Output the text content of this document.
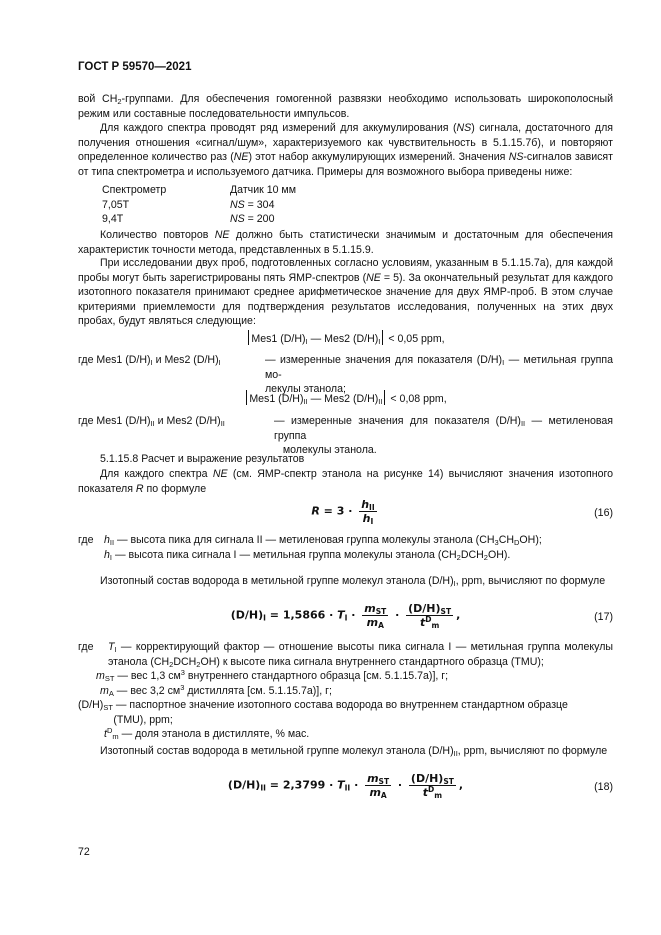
ГОСТ Р 59570—2021

вой $CH_2$-группами. Для обеспечения гомогенной развязки необходимо использовать широкополосный режим или составные последовательности импульсов.

Для каждого спектра проводят ряд измерений для аккумулирования (NS) сигнала, достаточного для получения отношения «сигнал/шум», характеризуемого как чувствительность в 5.1.15.7б), и повторяют определенное количество раз (NE) этот набор аккумулирующих измерений. Значения NS-сигналов зависят от типа спектрометра и используемого датчика. Примеры для возможного выбора приведены ниже:

Спектрометр	Датчик 10 мм
7,05Т	NS = 304
9,4Т	NS = 200

Количество повторов NE должно быть статистически значимым и достаточным для обеспечения характеристик точности метода, представленных в 5.1.15.9.

При исследовании двух проб, подготовленных согласно условиям, указанным в 5.1.15.7а), для каждой пробы могут быть зарегистрированы пять ЯМР-спектров (NE = 5). За окончательный результат для каждого изотопного показателя принимают среднее арифметическое значение для двух ЯМР-проб. В этом случае критериями приемлемости для подтверждения результатов исследования, полученных на этих двух пробах, будут являться следующие:

Mes1 $(D/H)_I$ — Mes2 $(D/H)_I < 0,05$ ppm,
где Mes1 $(D/H)_I$ и Mes2 $(D/H)_I$	— измеренные значения для показателя $(D/H)_I$ — метильная группа мо-
лекулы этанола;
Mes1 $(D/H)_{II}$ — Mes2 $(D/H)_{II} < 0,08$ ppm,
где Mes1 $(D/H)_{II}$ и Mes2 $(D/H)_{II}$	— измеренные значения для показателя $(D/H)_{II}$ — метиленовая группа
молекулы этанола.

5.1.15.8 Расчет и выражение результатов

Для каждого спектра NE (см. ЯМР-спектр этанола на рисунке 14) вычисляют значения изотопного показателя R по формуле

$R = 3 \cdot \frac{h_{II}}{h_I}$	(16)
где $h_{II}$ — высота пика для сигнала II — метиленовая группа молекулы этанола $(CH_3CH_DOH)$;
$h_I$ — высота пика сигнала I — метильная группа молекулы этанола $(CH_2DCH_2OH)$.

Изотопный состав водорода в метильной группе молекул этанола $(D/H)_I$, ppm, вычисляют по формуле

$(D/H)_I = 1,5866 \cdot T_I \cdot \frac{m_{ST}}{m_A} \cdot \frac{(D/H)_{ST}}{t^D_m}$ ,	(17)
где	$T_I$ — корректирующий фактор — отношение высоты пика сигнала I — метильная группа молекулы этанола $(CH_2DCH_2OH)$ к высоте пика сигнала внутреннего стандартного образца (TMU);
$m_{ST}$ — вес 1,3 $см^3$ внутреннего стандартного образца [см. 5.1.15.7а)], г;
$m_A$ — вес 3,2 $см^3$ дистиллята [см. 5.1.15.7а)], г;
$(D/H)_{ST}$ — паспортное значение изотопного состава водорода во внутреннем стандартном образце
(TMU), ppm;
$t^D_m$ — доля этанола в дистилляте, % мас.

Изотопный состав водорода в метильной группе молекул этанола $(D/H)_{II}$, ppm, вычисляют по формуле

$(D/H)_{II} = 2,3799 \cdot T_{II} \cdot \frac{m_{ST}}{m_A} \cdot \frac{(D/H)_{ST}}{t^D_m}$ ,	(18)
72
